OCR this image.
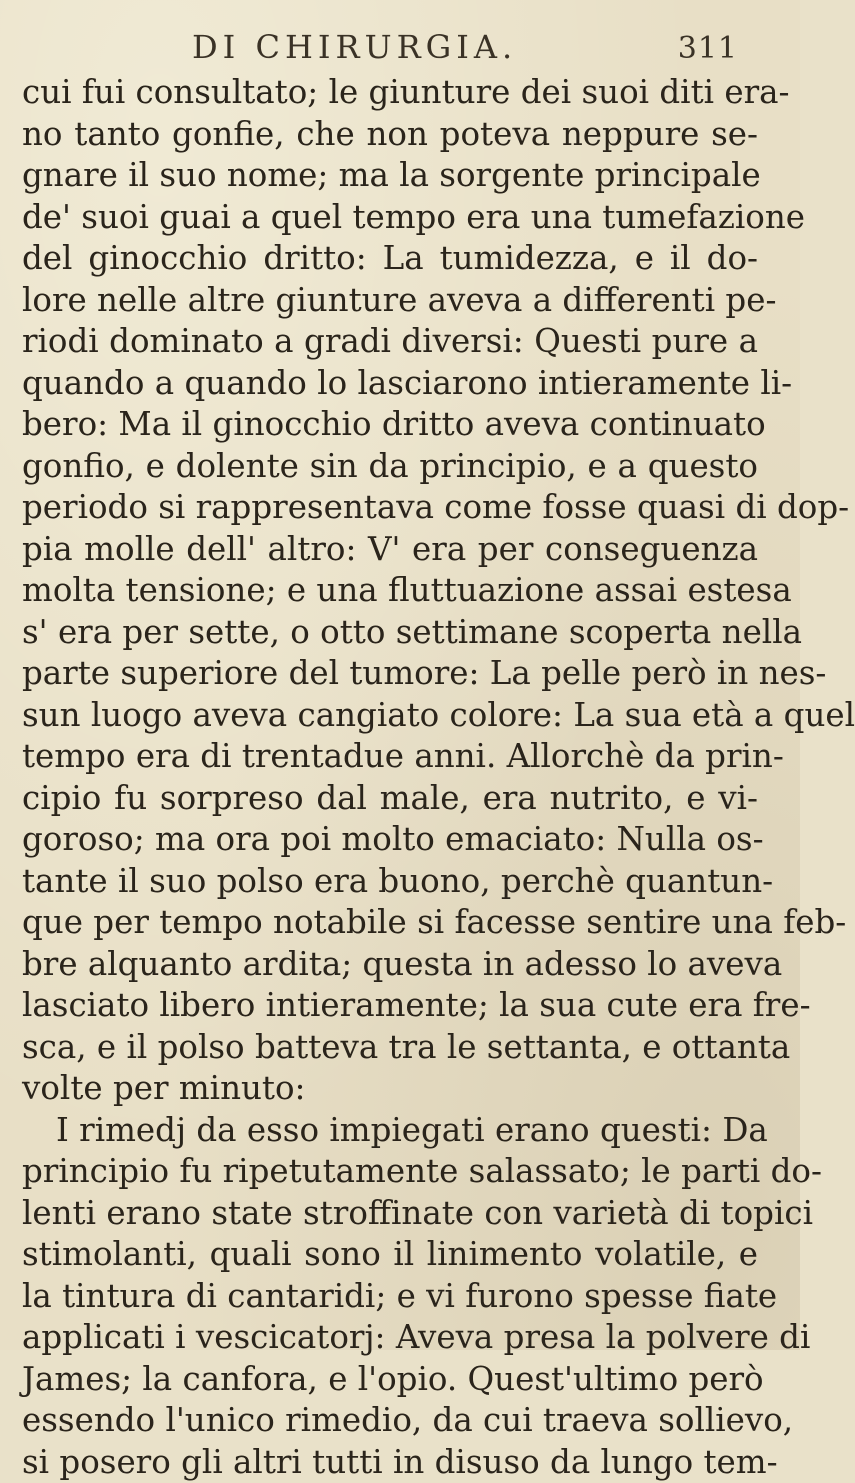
DI CHIRURGIA.	311
cui fui consultato; le giunture dei suoi diti era-
no tanto gonfie, che non poteva neppure se-
gnare il suo nome; ma la sorgente principale
de' suoi guai a quel tempo era una tumefazione
del ginocchio dritto: La tumidezza, e il do-
lore nelle altre giunture aveva a differenti pe-
riodi dominato a gradi diversi: Questi pure a
quando a quando lo lasciarono intieramente li-
bero: Ma il ginocchio dritto aveva continuato
gonfio, e dolente sin da principio, e a questo
periodo si rappresentava come fosse quasi di dop-
pia molle dell' altro: V' era per conseguenza
molta tensione; e una fluttuazione assai estesa
s' era per sette, o otto settimane scoperta nella
parte superiore del tumore: La pelle però in nes-
sun luogo aveva cangiato colore: La sua età a quel
tempo era di trentadue anni. Allorchè da prin-
cipio fu sorpreso dal male, era nutrito, e vi-
goroso; ma ora poi molto emaciato: Nulla os-
tante il suo polso era buono, perchè quantun-
que per tempo notabile si facesse sentire una feb-
bre alquanto ardita; questa in adesso lo aveva
lasciato libero intieramente; la sua cute era fre-
sca, e il polso batteva tra le settanta, e ottanta
volte per minuto:
I rimedj da esso impiegati erano questi: Da
principio fu ripetutamente salassato; le parti do-
lenti erano state stroffinate con varietà di topici
stimolanti, quali sono il linimento volatile, e
la tintura di cantaridi; e vi furono spesse fiate
applicati i vescicatorj: Aveva presa la polvere di
James; la canfora, e l'opio. Quest'ultimo però
essendo l'unico rimedio, da cui traeva sollievo,
si posero gli altri tutti in disuso da lungo tem-
